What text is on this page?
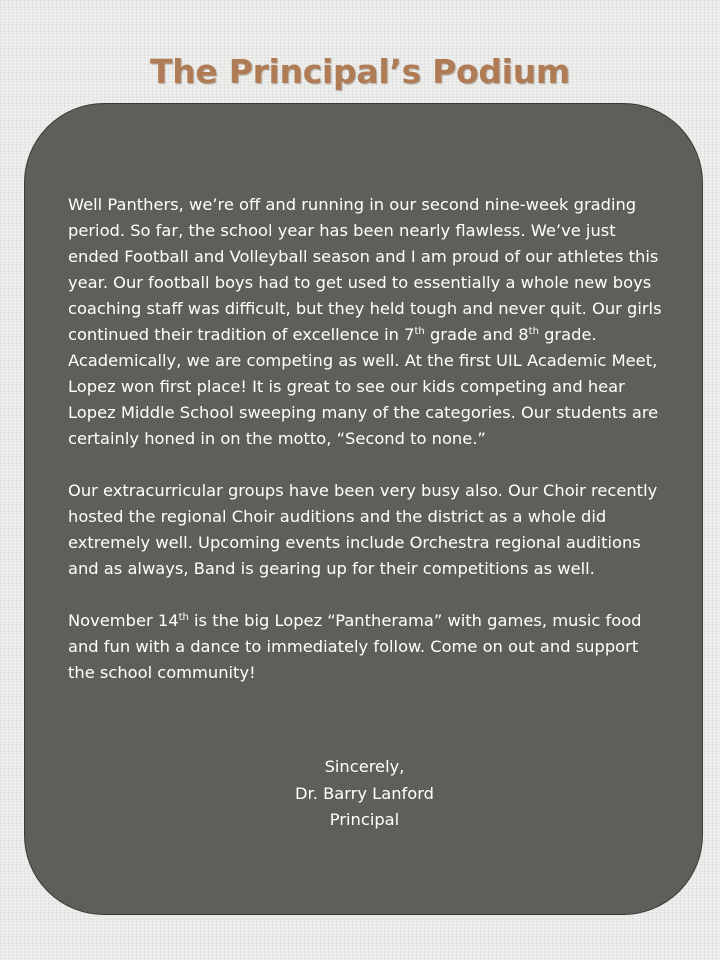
The Principal’s Podium

Well Panthers, we’re off and running in our second nine-week grading period. So far, the school year has been nearly flawless. We’ve just ended Football and Volleyball season and I am proud of our athletes this year. Our football boys had to get used to essentially a whole new boys coaching staff was difficult, but they held tough and never quit. Our girls continued their tradition of excellence in 7th grade and 8th grade. Academically, we are competing as well. At the first UIL Academic Meet, Lopez won first place! It is great to see our kids competing and hear Lopez Middle School sweeping many of the categories. Our students are certainly honed in on the motto, “Second to none.”

Our extracurricular groups have been very busy also. Our Choir recently hosted the regional Choir auditions and the district as a whole did extremely well. Upcoming events include Orchestra regional auditions and as always, Band is gearing up for their competitions as well.

November 14th is the big Lopez “Pantherama” with games, music food and fun with a dance to immediately follow. Come on out and support the school community!

Sincerely,
Dr. Barry Lanford
Principal
